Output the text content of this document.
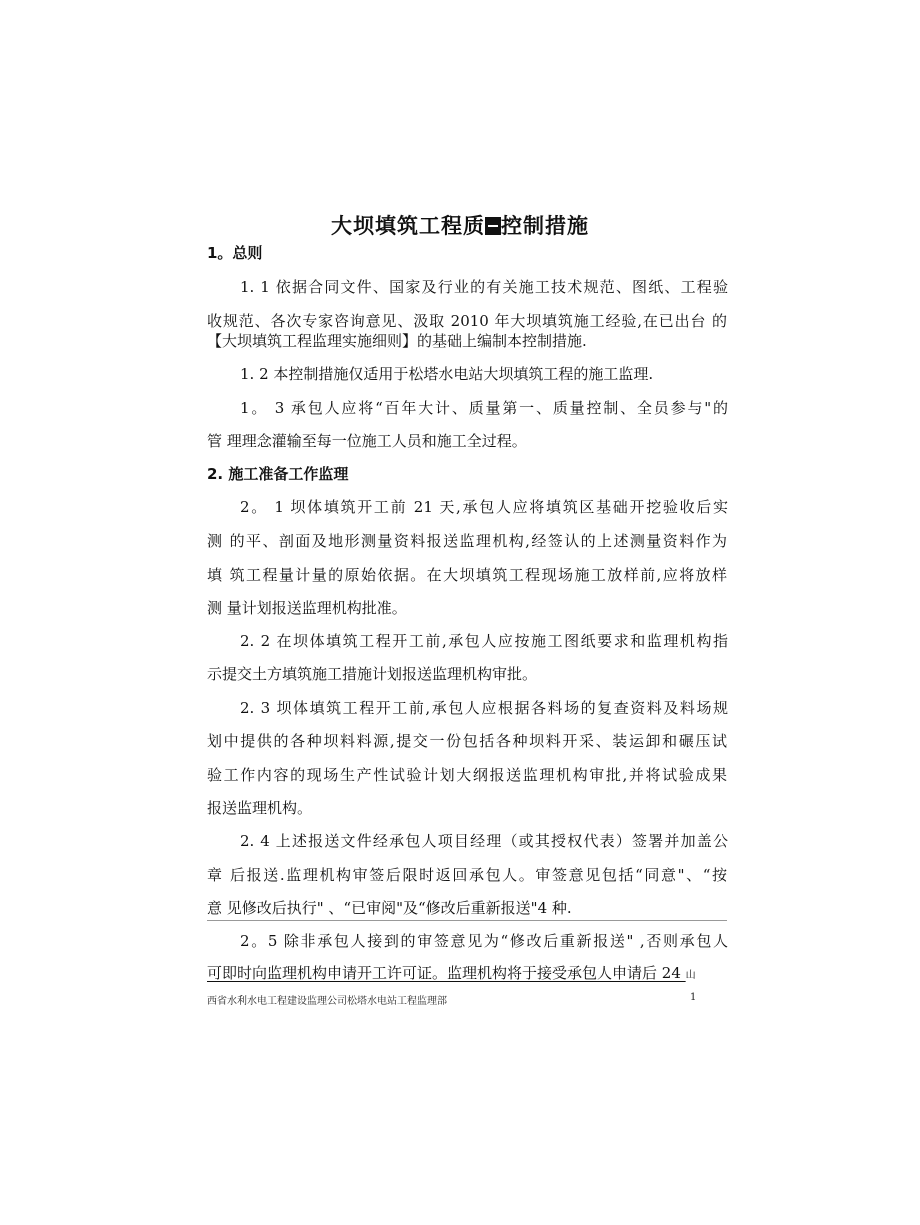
大坝填筑工程质 控制措施
1。总则
1. 1 依据合同文件、国家及行业的有关施工技术规范、图纸、工程验
收规范、各次专家咨询意见、汲取 2010 年大坝填筑施工经验,在已出台 的
【大坝填筑工程监理实施细则】的基础上编制本控制措施.
1. 2 本控制措施仅适用于松塔水电站大坝填筑工程的施工监理.
1。 3 承包人应将“百年大计、质量第一、质量控制、全员参与"的
管 理理念灌输至每一位施工人员和施工全过程。
2. 施工准备工作监理
2。 1 坝体填筑开工前 21 天,承包人应将填筑区基础开挖验收后实
测 的平、剖面及地形测量资料报送监理机构,经签认的上述测量资料作为
填 筑工程量计量的原始依据。在大坝填筑工程现场施工放样前,应将放样
测 量计划报送监理机构批准。
2. 2 在坝体填筑工程开工前,承包人应按施工图纸要求和监理机构指
示提交土方填筑施工措施计划报送监理机构审批。
2. 3 坝体填筑工程开工前,承包人应根据各料场的复查资料及料场规
划中提供的各种坝料料源,提交一份包括各种坝料开采、装运卸和碾压试
验工作内容的现场生产性试验计划大纲报送监理机构审批,并将试验成果
报送监理机构。
2. 4 上述报送文件经承包人项目经理（或其授权代表）签署并加盖公
章 后报送.监理机构审签后限时返回承包人。审签意见包括“同意"、“按
意 见修改后执行" 、“已审阅"及“修改后重新报送"4 种.
2。5 除非承包人接到的审签意见为“修改后重新报送" ,否则承包人
可即时向监理机构申请开工许可证。监理机构将于接受承包人申请后 24 山
西省水利水电工程建设监理公司松塔水电站工程监理部	1
